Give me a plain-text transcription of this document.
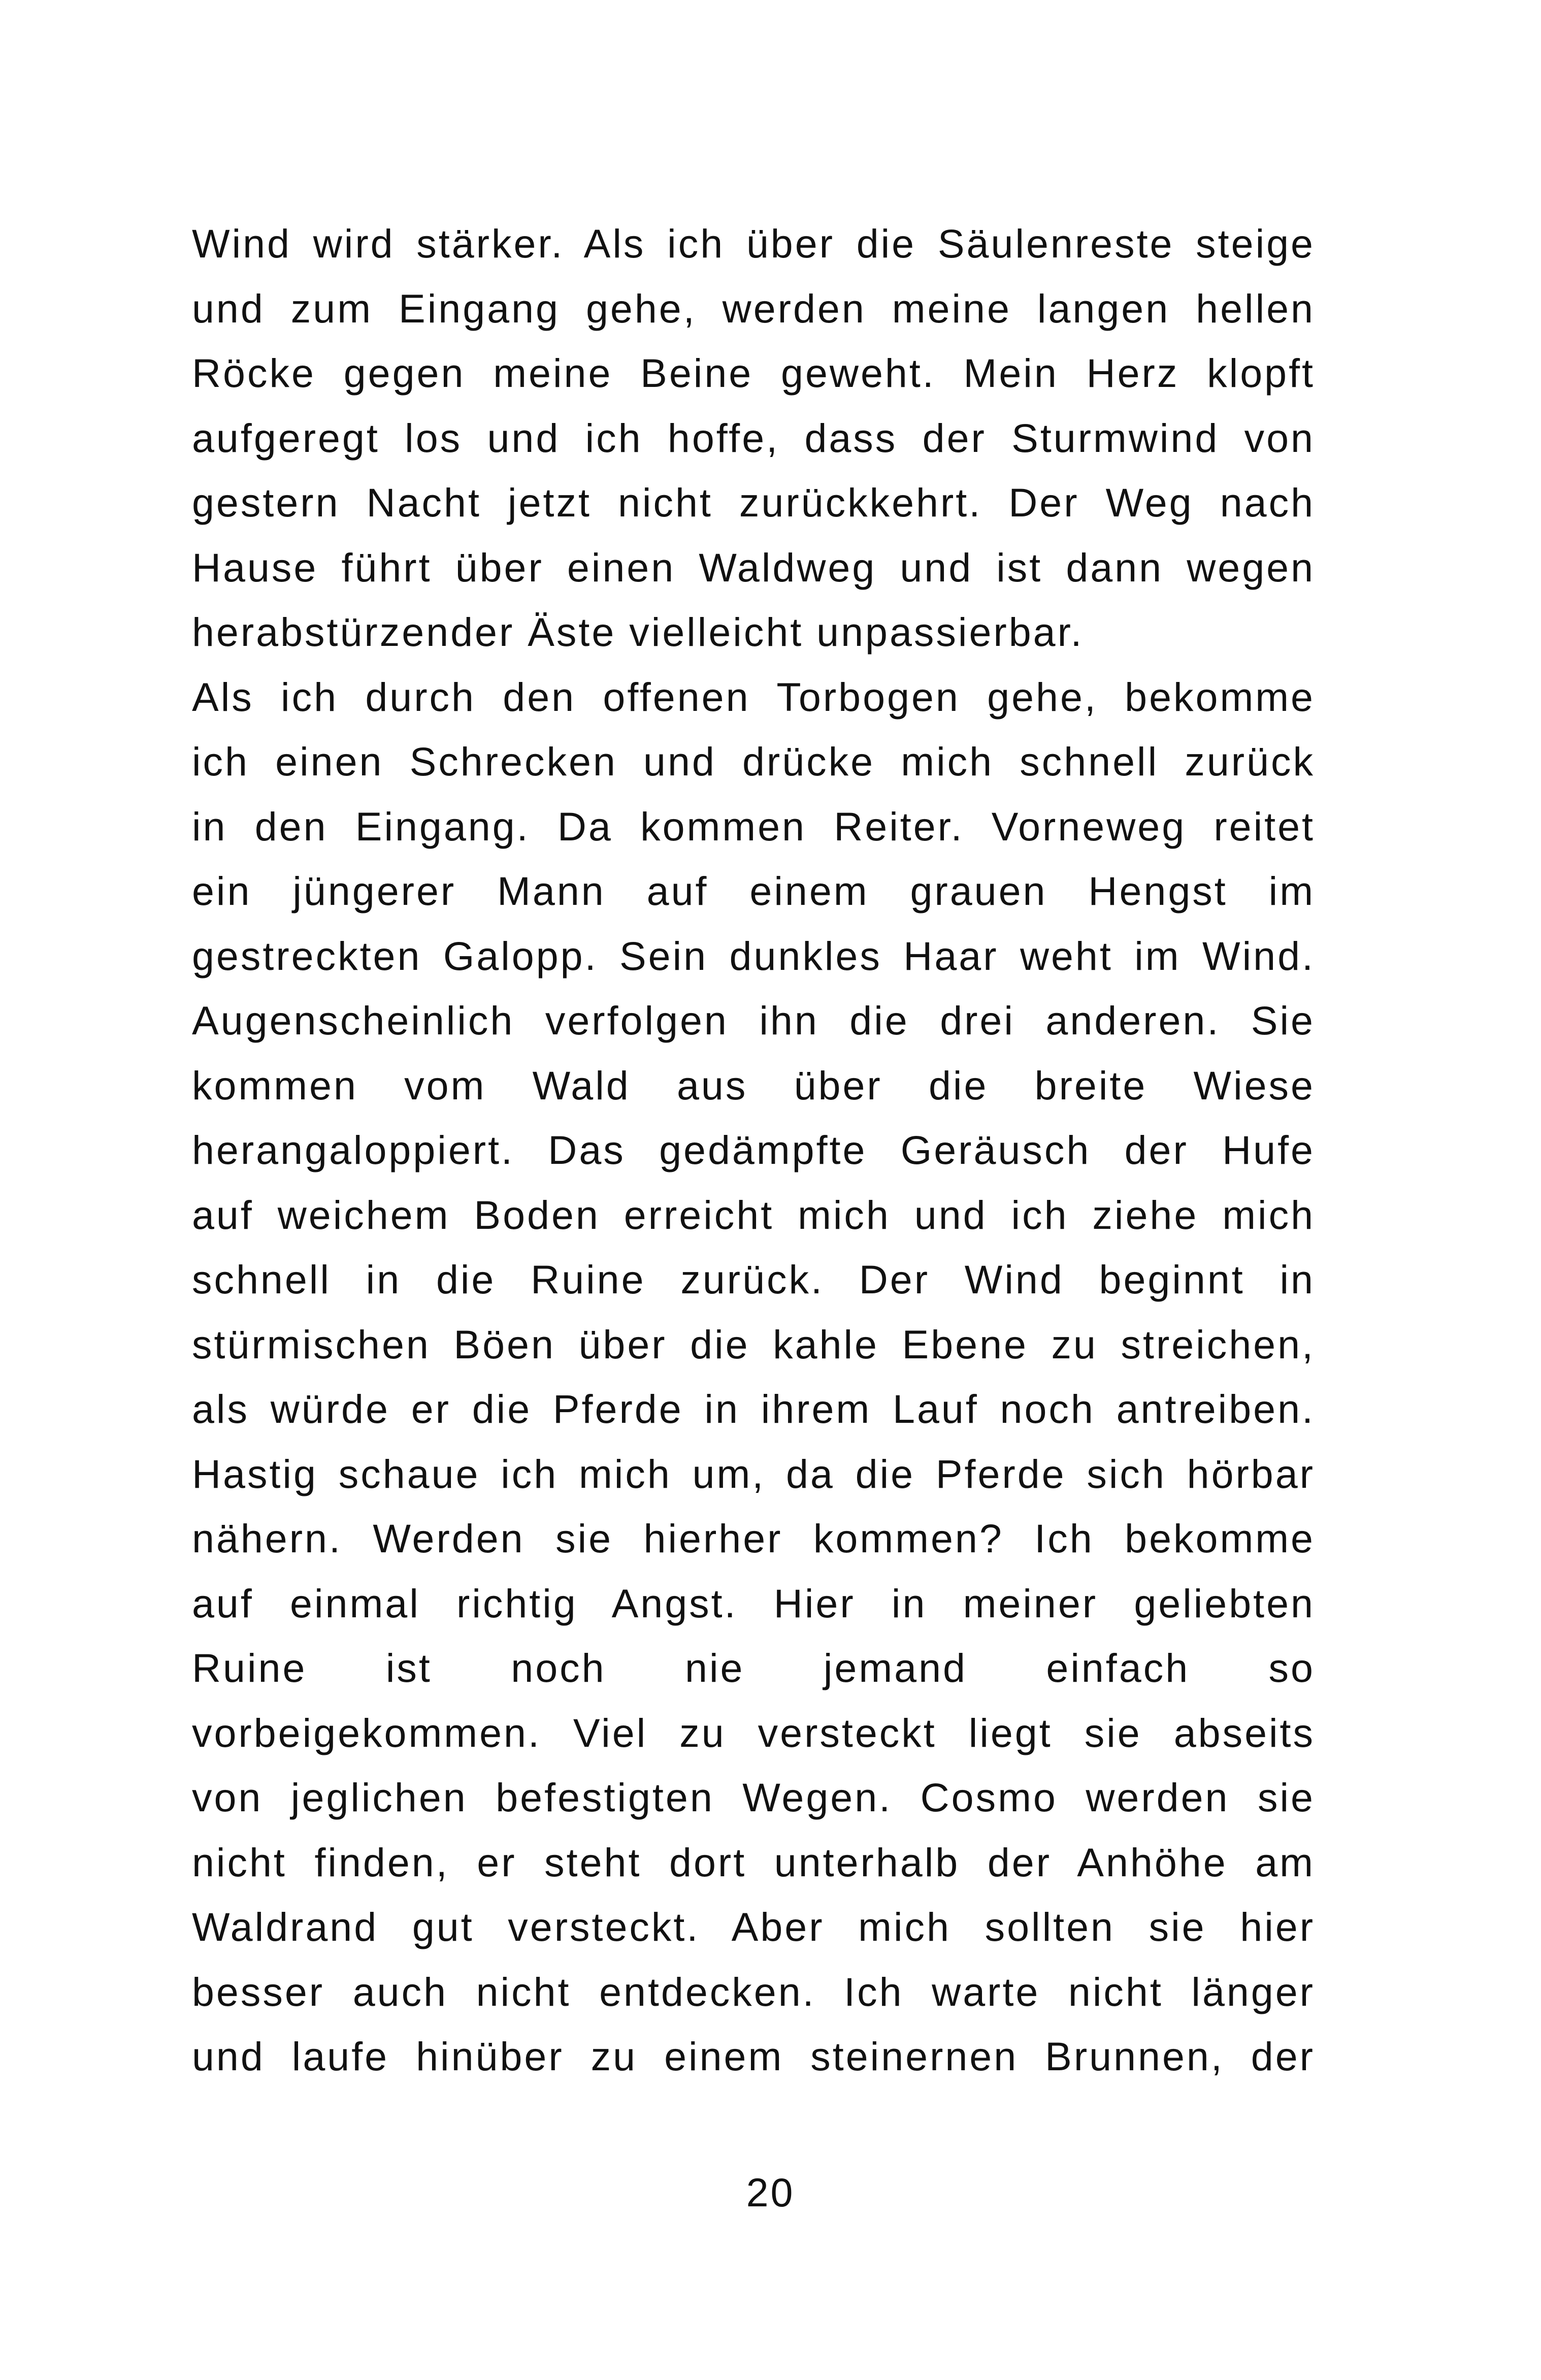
Wind wird stärker. Als ich über die Säulenreste steige
und zum Eingang gehe, werden meine langen hellen
Röcke gegen meine Beine geweht. Mein Herz klopft
aufgeregt los und ich hoffe, dass der Sturmwind von
gestern Nacht jetzt nicht zurückkehrt. Der Weg nach
Hause führt über einen Waldweg und ist dann wegen
herabstürzender Äste vielleicht unpassierbar.
Als ich durch den offenen Torbogen gehe, bekomme
ich einen Schrecken und drücke mich schnell zurück
in den Eingang. Da kommen Reiter. Vorneweg reitet
ein jüngerer Mann auf einem grauen Hengst im
gestreckten Galopp. Sein dunkles Haar weht im Wind.
Augenscheinlich verfolgen ihn die drei anderen. Sie
kommen vom Wald aus über die breite Wiese
herangaloppiert. Das gedämpfte Geräusch der Hufe
auf weichem Boden erreicht mich und ich ziehe mich
schnell in die Ruine zurück. Der Wind beginnt in
stürmischen Böen über die kahle Ebene zu streichen,
als würde er die Pferde in ihrem Lauf noch antreiben.
Hastig schaue ich mich um, da die Pferde sich hörbar
nähern. Werden sie hierher kommen? Ich bekomme
auf einmal richtig Angst. Hier in meiner geliebten
Ruine ist noch nie jemand einfach so
vorbeigekommen. Viel zu versteckt liegt sie abseits
von jeglichen befestigten Wegen. Cosmo werden sie
nicht finden, er steht dort unterhalb der Anhöhe am
Waldrand gut versteckt. Aber mich sollten sie hier
besser auch nicht entdecken. Ich warte nicht länger
und laufe hinüber zu einem steinernen Brunnen, der
20
